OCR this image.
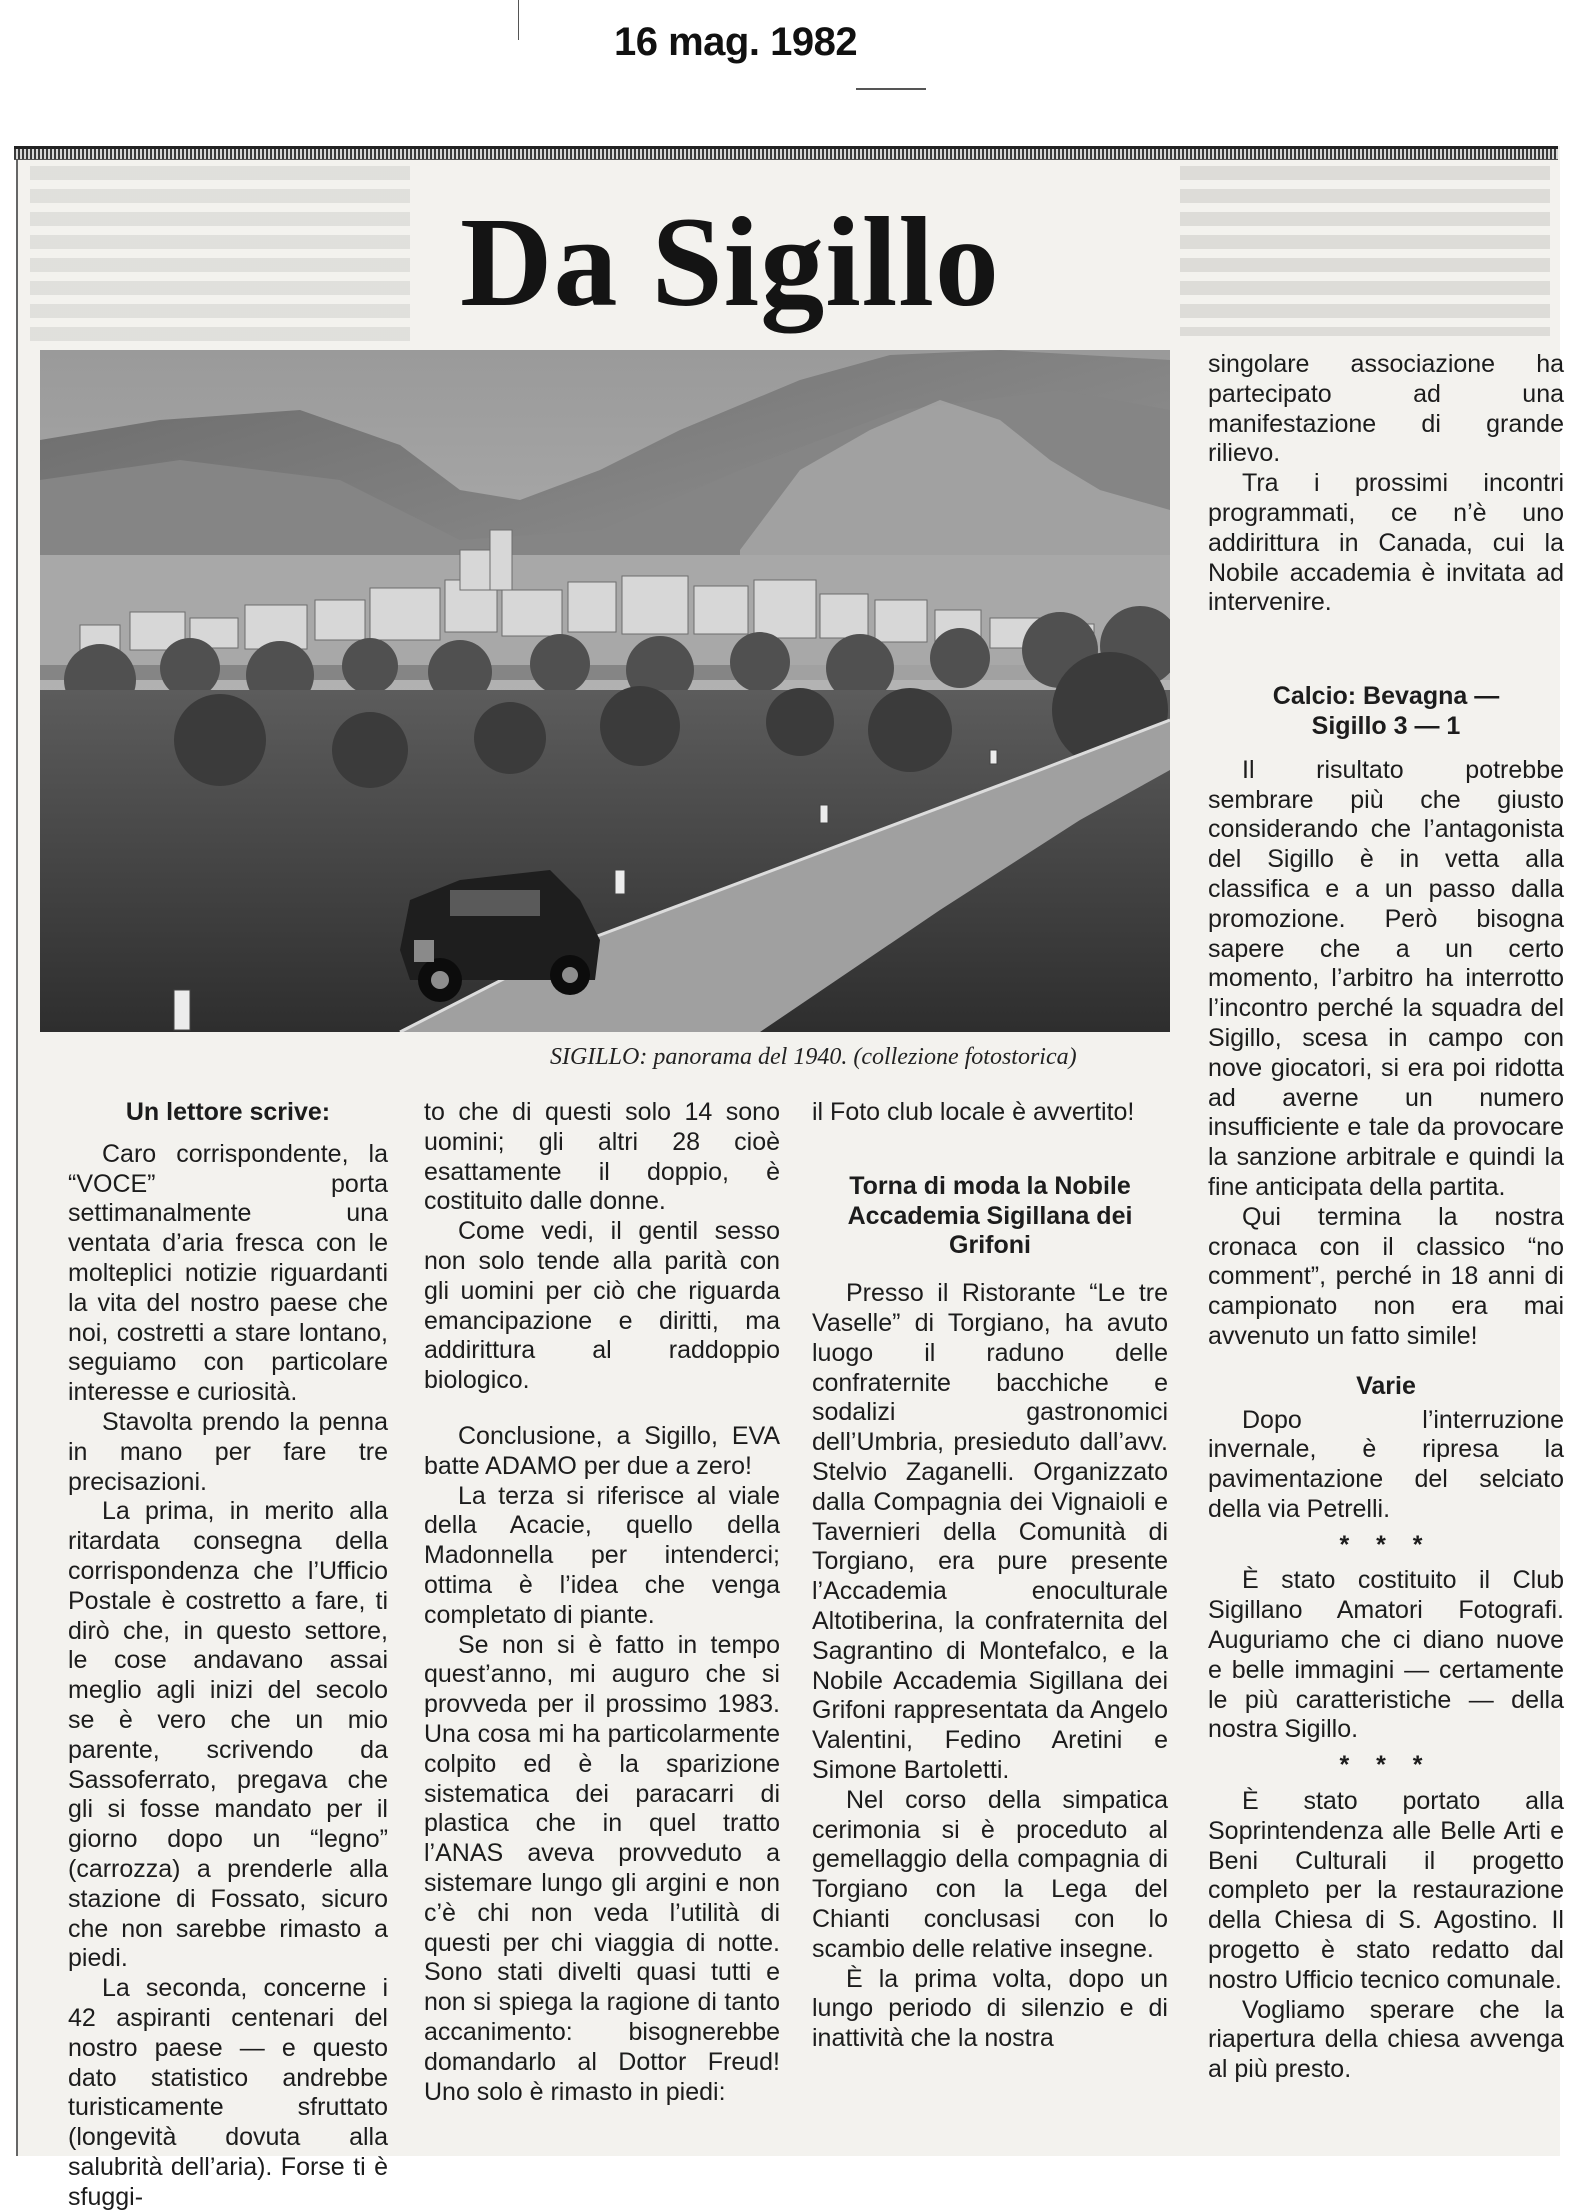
16 mag. 1982
Da Sigillo
SIGILLO: panorama del 1940. (collezione fotostorica)

Un lettore scrive:

Caro corrispondente, la “VOCE” porta settimanalmente una ventata d’aria fresca con le molteplici notizie riguardanti la vita del nostro paese che noi, costretti a stare lontano, seguiamo con particolare interesse e curiosità.

Stavolta prendo la penna in mano per fare tre precisazioni.

La prima, in merito alla ritardata consegna della corrispondenza che l’Ufficio Postale è costretto a fare, ti dirò che, in questo settore, le cose andavano assai meglio agli inizi del secolo se è vero che un mio parente, scrivendo da Sassoferrato, pregava che gli si fosse mandato per il giorno dopo un “legno” (carrozza) a prenderle alla stazione di Fossato, sicuro che non sarebbe rimasto a piedi.

La seconda, concerne i 42 aspiranti centenari del nostro paese — e questo dato statistico andrebbe turisticamente sfruttato (longevità dovuta alla salubrità dell’aria). Forse ti è sfuggi-

to che di questi solo 14 sono uomini; gli altri 28 cioè esattamente il doppio, è costituito dalle donne.

Come vedi, il gentil sesso non solo tende alla parità con gli uomini per ciò che riguarda emancipazione e diritti, ma addirittura al raddoppio biologico.

Conclusione, a Sigillo, EVA batte ADAMO per due a zero!

La terza si riferisce al viale della Acacie, quello della Madonnella per intenderci; ottima è l’idea che venga completato di piante.

Se non si è fatto in tempo quest’anno, mi auguro che si provveda per il prossimo 1983. Una cosa mi ha particolarmente colpito ed è la sparizione sistematica dei paracarri di plastica che in quel tratto l’ANAS aveva provveduto a sistemare lungo gli argini e non c’è chi non veda l’utilità di questi per chi viaggia di notte. Sono stati divelti quasi tutti e non si spiega la ragione di tanto accanimento: bisognerebbe domandarlo al Dottor Freud! Uno solo è rimasto in piedi:

il Foto club locale è avvertito!

Torna di moda la Nobile Accademia Sigillana dei Grifoni

Presso il Ristorante “Le tre Vaselle” di Torgiano, ha avuto luogo il raduno delle confraternite bacchiche e sodalizi gastronomici dell’Umbria, presieduto dall’avv. Stelvio Zaganelli. Organizzato dalla Compagnia dei Vignaioli e Tavernieri della Comunità di Torgiano, era pure presente l’Accademia enoculturale Altotiberina, la confraternita del Sagrantino di Montefalco, e la Nobile Accademia Sigillana dei Grifoni rappresentata da Angelo Valentini, Fedino Aretini e Simone Bartoletti.

Nel corso della simpatica cerimonia si è proceduto al gemellaggio della compagnia di Torgiano con la Lega del Chianti conclusasi con lo scambio delle relative insegne.

È la prima volta, dopo un lungo periodo di silenzio e di inattività che la nostra

singolare associazione ha partecipato ad una manifestazione di grande rilievo.

Tra i prossimi incontri programmati, ce n’è uno addirittura in Canada, cui la Nobile accademia è invitata ad intervenire.

Calcio: Bevagna — Sigillo 3 — 1

Il risultato potrebbe sembrare più che giusto considerando che l’antagonista del Sigillo è in vetta alla classifica e a un passo dalla promozione. Però bisogna sapere che a un certo momento, l’arbitro ha interrotto l’incontro perché la squadra del Sigillo, scesa in campo con nove giocatori, si era poi ridotta ad averne un numero insufficiente e tale da provocare la sanzione arbitrale e quindi la fine anticipata della partita.

Qui termina la nostra cronaca con il classico “no comment”, perché in 18 anni di campionato non era mai avvenuto un fatto simile!

Varie

Dopo l’interruzione invernale, è ripresa la pavimentazione del selciato della via Petrelli.

* * *

È stato costituito il Club Sigillano Amatori Fotografi. Auguriamo che ci diano nuove e belle immagini — certamente le più caratteristiche — della nostra Sigillo.

* * *

È stato portato alla Soprintendenza alle Belle Arti e Beni Culturali il progetto completo per la restaurazione della Chiesa di S. Agostino. Il progetto è stato redatto dal nostro Ufficio tecnico comunale.

Vogliamo sperare che la riapertura della chiesa avvenga al più presto.
